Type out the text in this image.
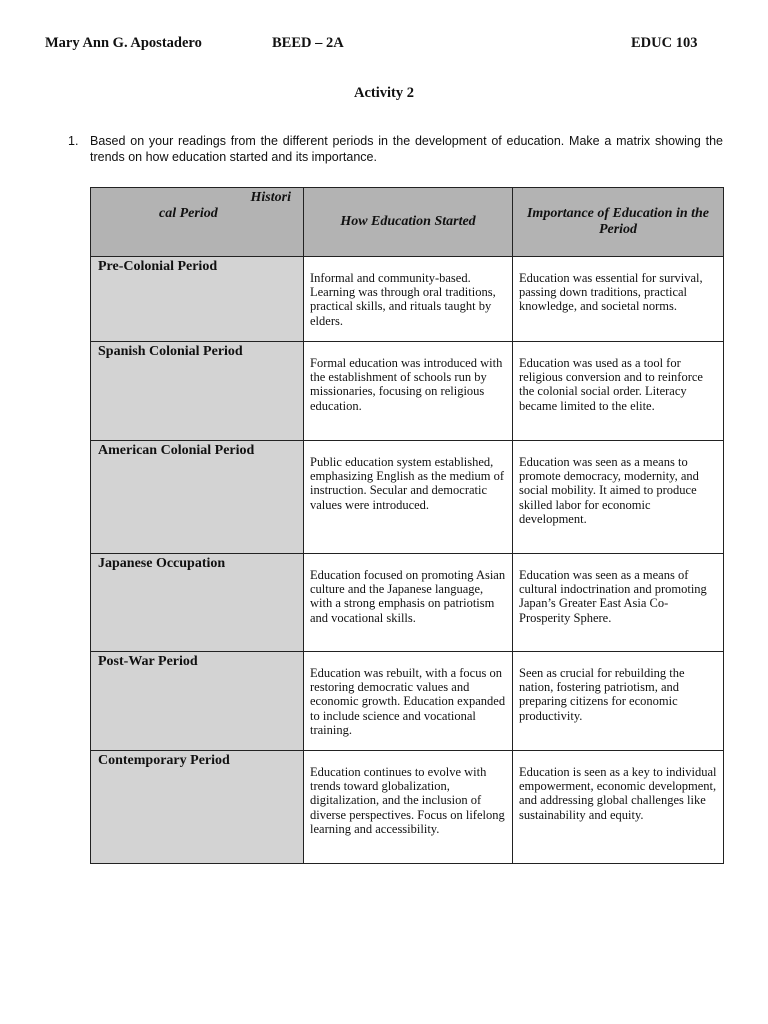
Mary Ann G. Apostadero	BEED – 2A	EDUC 103
Activity 2
1. Based on your readings from the different periods in the development of education. Make a matrix showing the trends on how education started and its importance.
Histori
cal Period	How Education Started	Importance of Education in the Period
Pre-Colonial Period	Informal and community-based. Learning was through oral traditions, practical skills, and rituals taught by elders.	Education was essential for survival, passing down traditions, practical knowledge, and societal norms.
Spanish Colonial Period	Formal education was introduced with the establishment of schools run by missionaries, focusing on religious education.	Education was used as a tool for religious conversion and to reinforce the colonial social order. Literacy became limited to the elite.
American Colonial Period	Public education system established, emphasizing English as the medium of instruction. Secular and democratic values were introduced.	Education was seen as a means to promote democracy, modernity, and social mobility. It aimed to produce skilled labor for economic development.
Japanese Occupation	Education focused on promoting Asian culture and the Japanese language, with a strong emphasis on patriotism and vocational skills.	Education was seen as a means of cultural indoctrination and promoting Japan’s Greater East Asia Co-Prosperity Sphere.
Post-War Period	Education was rebuilt, with a focus on restoring democratic values and economic growth. Education expanded to include science and vocational training.	Seen as crucial for rebuilding the nation, fostering patriotism, and preparing citizens for economic productivity.
Contemporary Period	Education continues to evolve with trends toward globalization, digitalization, and the inclusion of diverse perspectives. Focus on lifelong learning and accessibility.	Education is seen as a key to individual empowerment, economic development, and addressing global challenges like sustainability and equity.
